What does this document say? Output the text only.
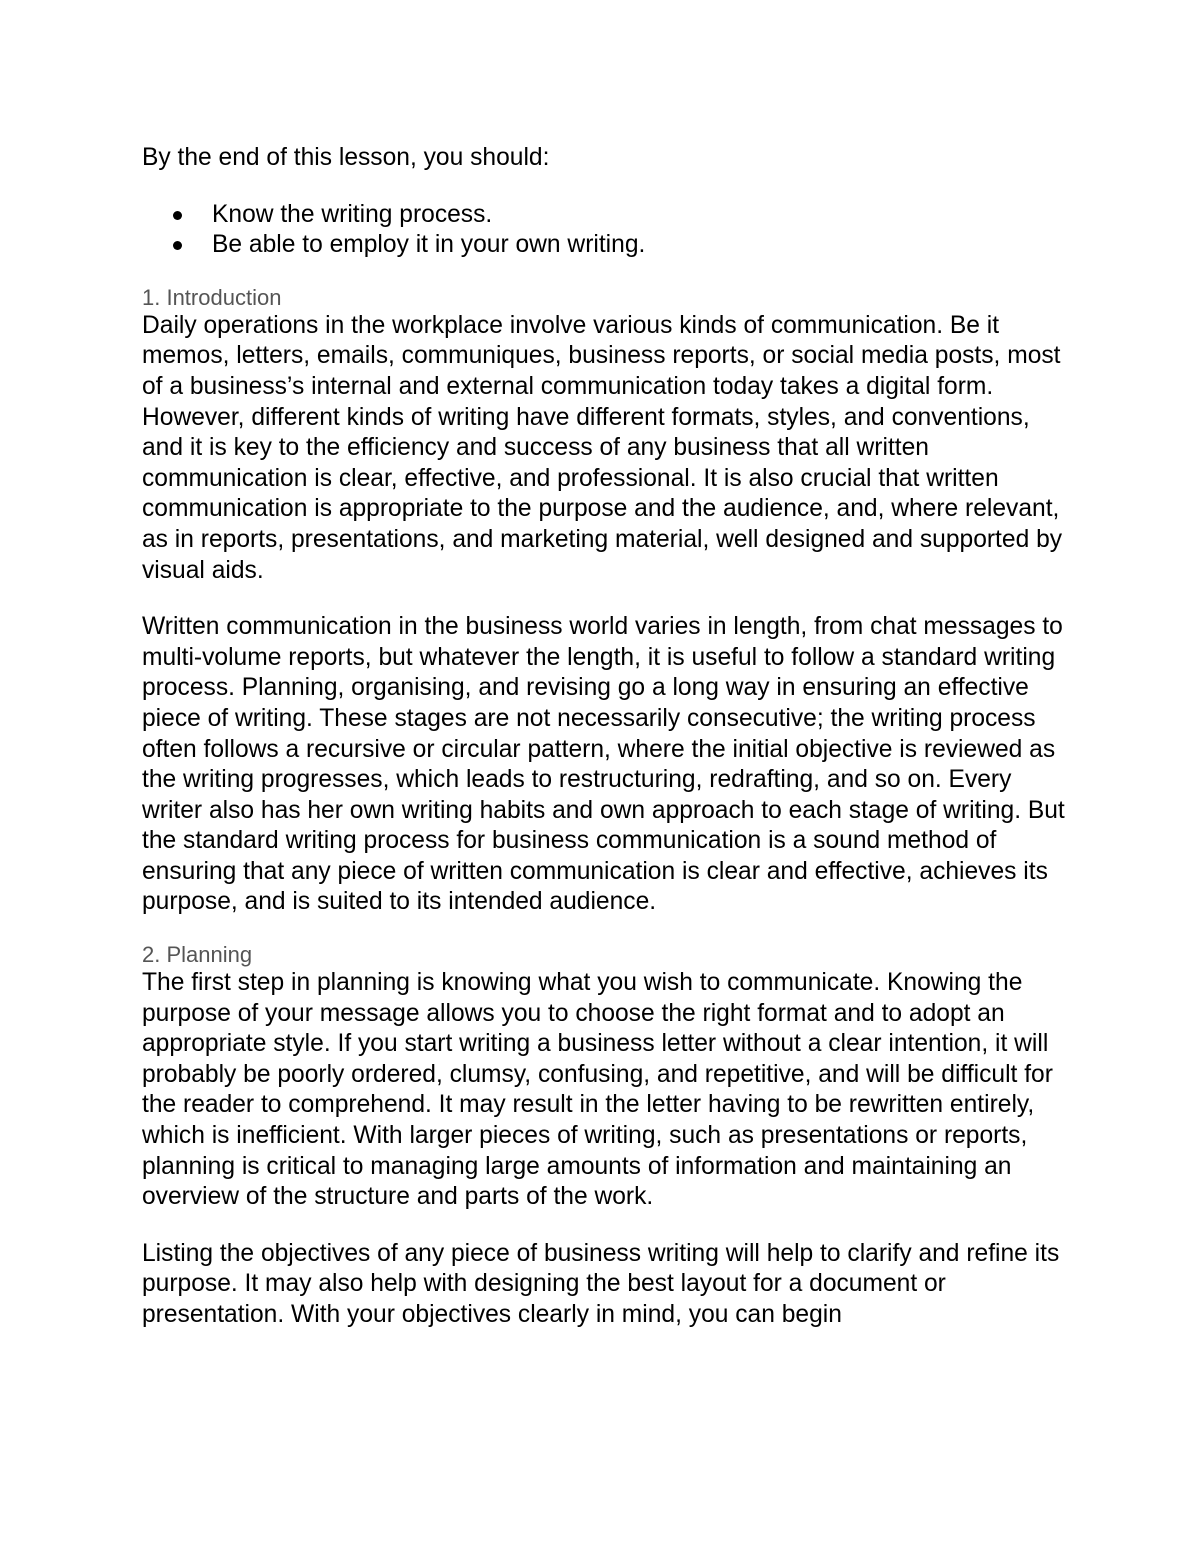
By the end of this lesson, you should:

Know the writing process.
Be able to employ it in your own writing.

1. Introduction

Daily operations in the workplace involve various kinds of communication. Be it memos, letters, emails, communiques, business reports, or social media posts, most of a business’s internal and external communication today takes a digital form. However, different kinds of writing have different formats, styles, and conventions, and it is key to the efficiency and success of any business that all written communication is clear, effective, and professional. It is also crucial that written communication is appropriate to the purpose and the audience, and, where relevant, as in reports, presentations, and marketing material, well designed and supported by visual aids.

Written communication in the business world varies in length, from chat messages to multi-volume reports, but whatever the length, it is useful to follow a standard writing process. Planning, organising, and revising go a long way in ensuring an effective piece of writing. These stages are not necessarily consecutive; the writing process often follows a recursive or circular pattern, where the initial objective is reviewed as the writing progresses, which leads to restructuring, redrafting, and so on. Every writer also has her own writing habits and own approach to each stage of writing. But the standard writing process for business communication is a sound method of ensuring that any piece of written communication is clear and effective, achieves its purpose, and is suited to its intended audience.

2. Planning

The first step in planning is knowing what you wish to communicate. Knowing the purpose of your message allows you to choose the right format and to adopt an appropriate style. If you start writing a business letter without a clear intention, it will probably be poorly ordered, clumsy, confusing, and repetitive, and will be difficult for the reader to comprehend. It may result in the letter having to be rewritten entirely, which is inefficient. With larger pieces of writing, such as presentations or reports, planning is critical to managing large amounts of information and maintaining an overview of the structure and parts of the work.

Listing the objectives of any piece of business writing will help to clarify and refine its purpose. It may also help with designing the best layout for a document or presentation. With your objectives clearly in mind, you can begin
